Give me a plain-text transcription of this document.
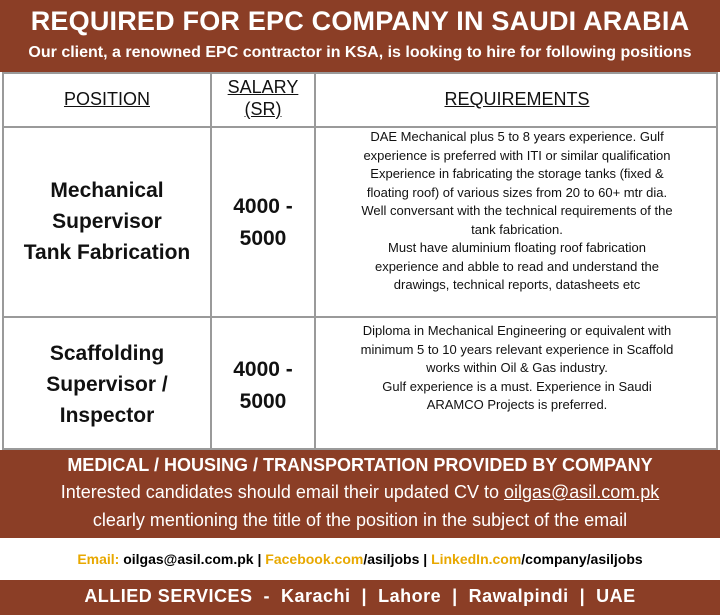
REQUIRED FOR EPC COMPANY IN SAUDI ARABIA
Our client, a renowned EPC contractor in KSA, is looking to hire for following positions
POSITION
SALARY
(SR)	REQUIREMENTS
Mechanical
Supervisor
Tank Fabrication
4000 -
5000
DAE Mechanical plus 5 to 8 years experience. Gulf
experience is preferred with ITI or similar qualification
Experience in fabricating the storage tanks (fixed &
floating roof) of various sizes from 20 to 60+ mtr dia.
Well conversant with the technical requirements of the
tank fabrication.
Must have aluminium floating roof fabrication
experience and abble to read and understand the
drawings, technical reports, datasheets etc
Scaffolding
Supervisor /
Inspector
4000 -
5000
Diploma in Mechanical Engineering or equivalent with
minimum 5 to 10 years relevant experience in Scaffold
works within Oil & Gas industry.
Gulf experience is a must. Experience in Saudi
ARAMCO Projects is preferred.
MEDICAL / HOUSING / TRANSPORTATION PROVIDED BY COMPANY
Interested candidates should email their updated CV to oilgas@asil.com.pk
clearly mentioning the title of the position in the subject of the email
Email: oilgas@asil.com.pk | Facebook.com/asiljobs | LinkedIn.com/company/asiljobs
ALLIED SERVICES  -  Karachi  |  Lahore  |  Rawalpindi  |  UAE
